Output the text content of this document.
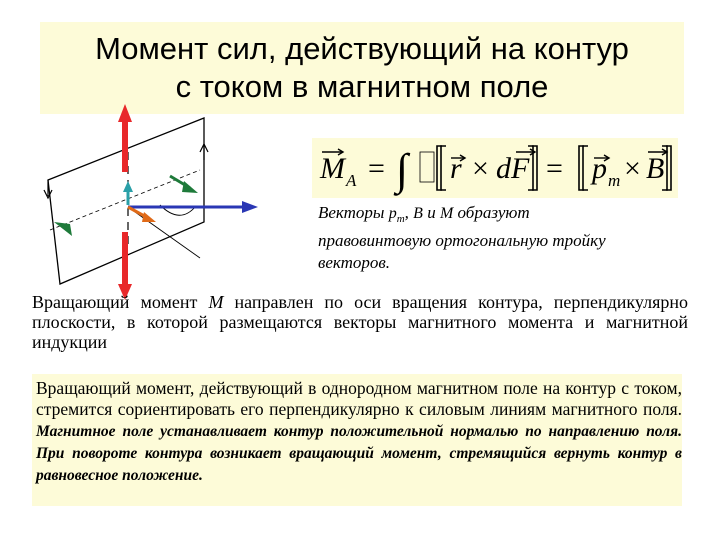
Момент сил, действующий на контур
с током в магнитном поле
M A = ∫ r × dF = p m × B
Векторы $p_m$, B и M образуют
правовинтовую ортогональную тройку
векторов.
Вращающий момент M направлен по оси вращения контура, перпендикулярно плоскости, в которой размещаются векторы магнитного момента и магнитной индукции
Вращающий момент, действующий в однородном магнитном поле на контур с током, стремится сориентировать его перпендикулярно к силовым линиям магнитного поля. Магнитное поле устанавливает контур положительной нормалью по направлению поля. При повороте контура возникает вращающий момент, стремящийся вернуть контур в равновесное положение.
